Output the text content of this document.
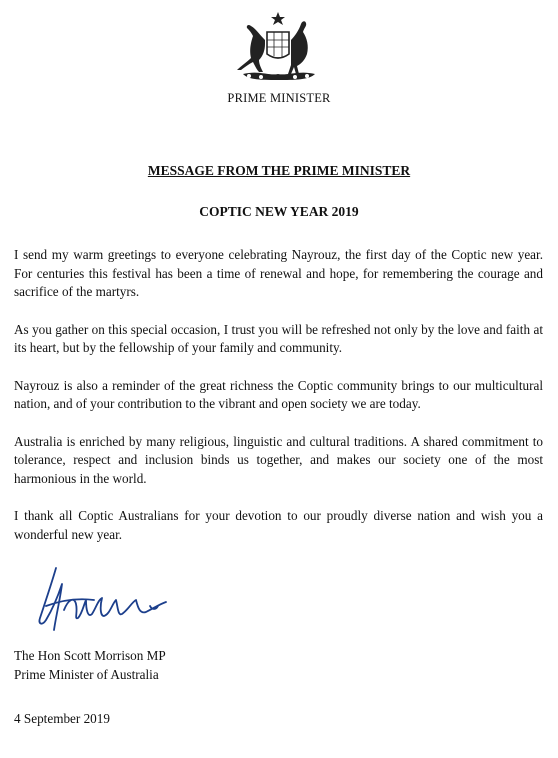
PRIME MINISTER
MESSAGE FROM THE PRIME MINISTER
COPTIC NEW YEAR 2019

I send my warm greetings to everyone celebrating Nayrouz, the first day of the Coptic new year. For centuries this festival has been a time of renewal and hope, for remembering the courage and sacrifice of the martyrs.

As you gather on this special occasion, I trust you will be refreshed not only by the love and faith at its heart, but by the fellowship of your family and community.

Nayrouz is also a reminder of the great richness the Coptic community brings to our multicultural nation, and of your contribution to the vibrant and open society we are today.

Australia is enriched by many religious, linguistic and cultural traditions. A shared commitment to tolerance, respect and inclusion binds us together, and makes our society one of the most harmonious in the world.

I thank all Coptic Australians for your devotion to our proudly diverse nation and wish you a wonderful new year.

The Hon Scott Morrison MP
Prime Minister of Australia
4 September 2019
